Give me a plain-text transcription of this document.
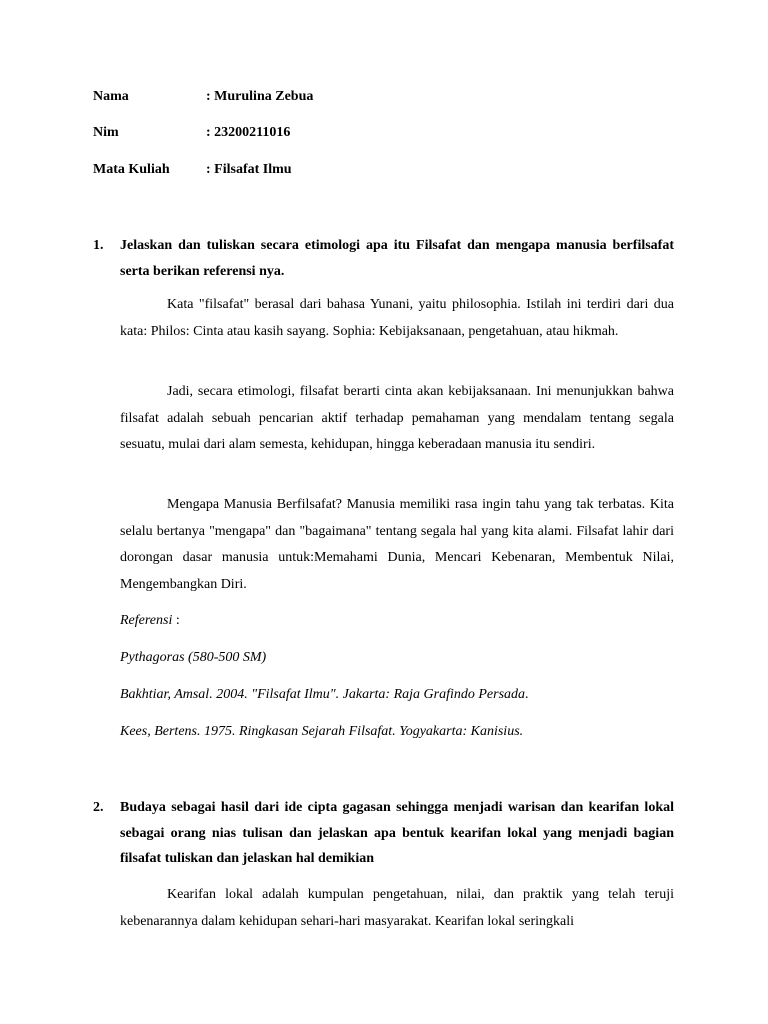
Nama	: Murulina Zebua
Nim	: 23200211016
Mata Kuliah	: Filsafat Ilmu
1. Jelaskan dan tuliskan secara etimologi apa itu Filsafat dan mengapa manusia berfilsafat serta berikan referensi nya.

Kata "filsafat" berasal dari bahasa Yunani, yaitu philosophia. Istilah ini terdiri dari dua kata: Philos: Cinta atau kasih sayang. Sophia: Kebijaksanaan, pengetahuan, atau hikmah.

Jadi, secara etimologi, filsafat berarti cinta akan kebijaksanaan. Ini menunjukkan bahwa filsafat adalah sebuah pencarian aktif terhadap pemahaman yang mendalam tentang segala sesuatu, mulai dari alam semesta, kehidupan, hingga keberadaan manusia itu sendiri.

Mengapa Manusia Berfilsafat? Manusia memiliki rasa ingin tahu yang tak terbatas. Kita selalu bertanya "mengapa" dan "bagaimana" tentang segala hal yang kita alami. Filsafat lahir dari dorongan dasar manusia untuk:Memahami Dunia, Mencari Kebenaran, Membentuk Nilai, Mengembangkan Diri.

Referensi :

Pythagoras (580-500 SM)

Bakhtiar, Amsal. 2004. "Filsafat Ilmu". Jakarta: Raja Grafindo Persada.

Kees, Bertens. 1975. Ringkasan Sejarah Filsafat. Yogyakarta: Kanisius.

2. Budaya sebagai hasil dari ide cipta gagasan sehingga menjadi warisan dan kearifan lokal sebagai orang nias tulisan dan jelaskan apa bentuk kearifan lokal yang menjadi bagian filsafat tuliskan dan jelaskan hal demikian

Kearifan lokal adalah kumpulan pengetahuan, nilai, dan praktik yang telah teruji kebenarannya dalam kehidupan sehari-hari masyarakat. Kearifan lokal seringkali
